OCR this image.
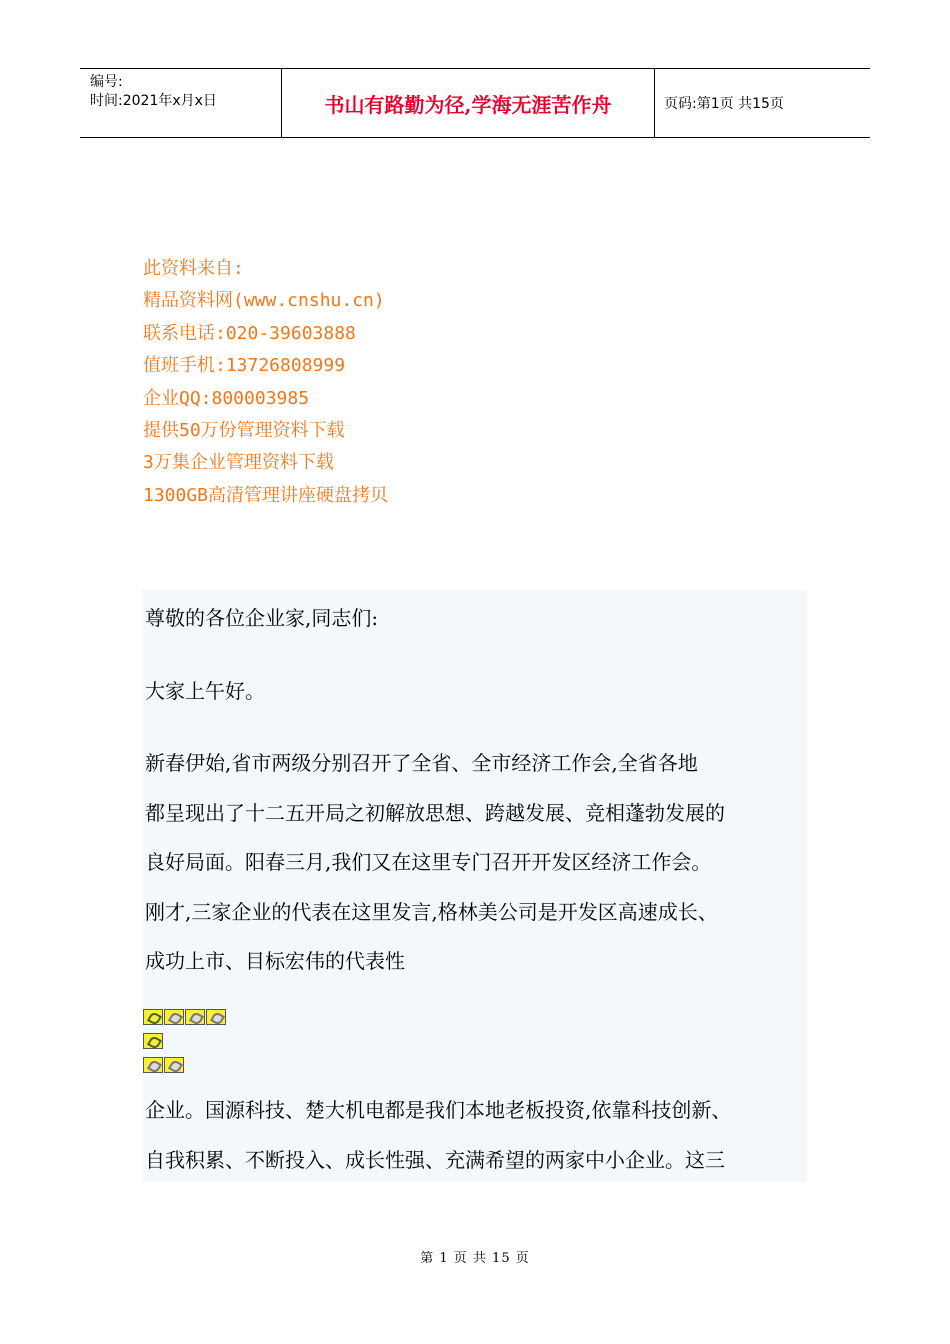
编号:
时间:2021年x月x日	书山有路勤为径,学海无涯苦作舟	页码:第1页 共15页
此资料来自:
精品资料网(www.cnshu.cn)
联系电话:020-39603888
值班手机:13726808999
企业QQ:800003985
提供50万份管理资料下载
3万集企业管理资料下载
1300GB高清管理讲座硬盘拷贝
尊敬的各位企业家,同志们:
大家上午好。
新春伊始,省市两级分别召开了全省、全市经济工作会,全省各地
都呈现出了十二五开局之初解放思想、跨越发展、竞相蓬勃发展的
良好局面。阳春三月,我们又在这里专门召开开发区经济工作会。
刚才,三家企业的代表在这里发言,格林美公司是开发区高速成长、
成功上市、目标宏伟的代表性
企业。国源科技、楚大机电都是我们本地老板投资,依靠科技创新、
自我积累、不断投入、成长性强、充满希望的两家中小企业。这三
第 1 页 共 15 页
